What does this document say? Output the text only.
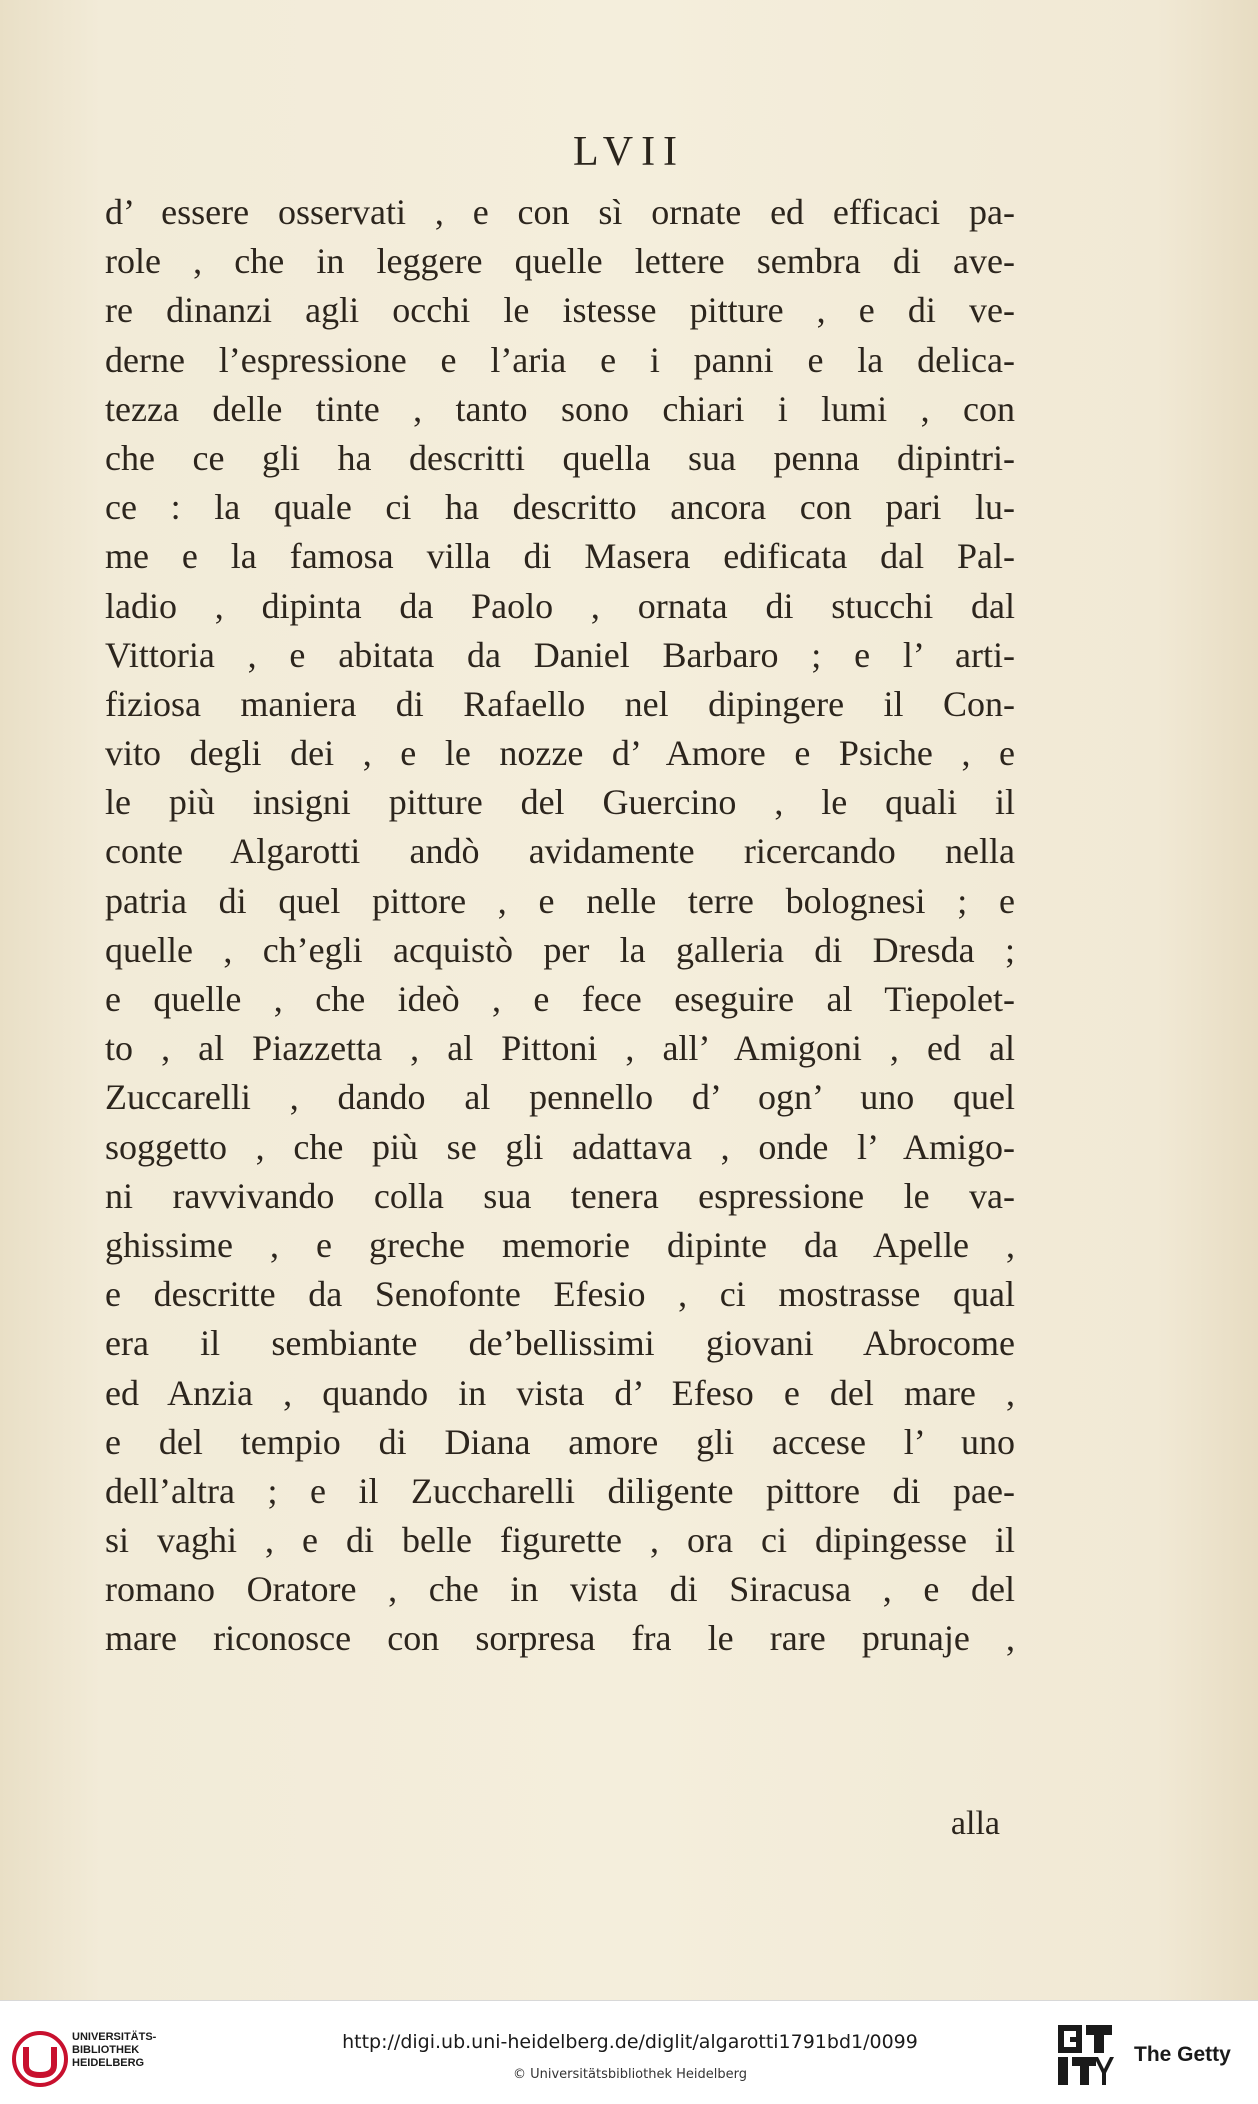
LVII
d’ essere osservati , e con sì ornate ed efficaci pa-
role , che in leggere quelle lettere sembra di ave-
re dinanzi agli occhi le istesse pitture , e di ve-
derne l’espressione e l’aria e i panni e la delica-
tezza delle tinte , tanto sono chiari i lumi , con
che ce gli ha descritti quella sua penna dipintri-
ce : la quale ci ha descritto ancora con pari lu-
me e la famosa villa di Masera edificata dal Pal-
ladio , dipinta da Paolo , ornata di stucchi dal
Vittoria , e abitata da Daniel Barbaro ; e l’ arti-
fiziosa maniera di Rafaello nel dipingere il Con-
vito degli dei , e le nozze d’ Amore e Psiche , e
le più insigni pitture del Guercino , le quali il
conte Algarotti andò avidamente ricercando nella
patria di quel pittore , e nelle terre bolognesi ; e
quelle , ch’egli acquistò per la galleria di Dresda ;
e quelle , che ideò , e fece eseguire al Tiepolet-
to , al Piazzetta , al Pittoni , all’ Amigoni , ed al
Zuccarelli , dando al pennello d’ ogn’ uno quel
soggetto , che più se gli adattava , onde l’ Amigo-
ni ravvivando colla sua tenera espressione le va-
ghissime , e greche memorie dipinte da Apelle ,
e descritte da Senofonte Efesio , ci mostrasse qual
era il sembiante de’bellissimi giovani Abrocome
ed Anzia , quando in vista d’ Efeso e del mare ,
e del tempio di Diana amore gli accese l’ uno
dell’altra ; e il Zuccharelli diligente pittore di pae-
si vaghi , e di belle figurette , ora ci dipingesse il
romano Oratore , che in vista di Siracusa , e del
mare riconosce con sorpresa fra le rare prunaje ,
alla
UNIVERSITÄTS-
BIBLIOTHEK
HEIDELBERG
http://digi.ub.uni-heidelberg.de/diglit/algarotti1791bd1/0099
© Universitätsbibliothek Heidelberg
The Getty
